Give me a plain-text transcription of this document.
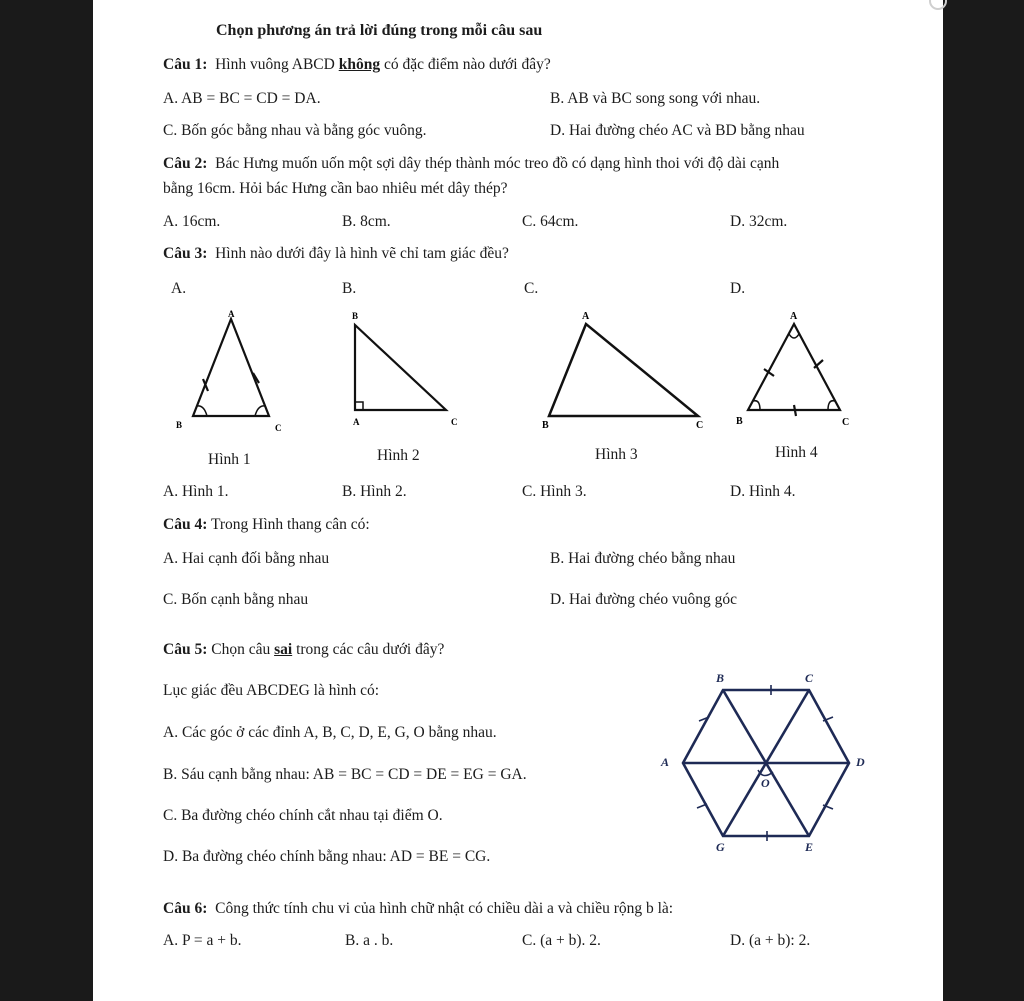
Chọn phương án trả lời đúng trong mỗi câu sau
Câu 1: Hình vuông ABCD không có đặc điểm nào dưới đây?
A. AB = BC = CD = DA.	B. AB và BC song song với nhau.
C. Bốn góc bằng nhau và bằng góc vuông.	D. Hai đường chéo AC và BD bằng nhau
Câu 2: Bác Hưng muốn uốn một sợi dây thép thành móc treo đồ có dạng hình thoi với độ dài cạnh
bằng 16cm. Hỏi bác Hưng cần bao nhiêu mét dây thép?
A. 16cm.	B. 8cm.	C. 64cm.	D. 32cm.
Câu 3: Hình nào dưới đây là hình vẽ chỉ tam giác đều?
A.	B.	C.	D.
A
B	C
B
A	C
A
B	C
A
B	C
Hình 1	Hình 2	Hình 3	Hình 4
A. Hình 1.	B. Hình 2.	C. Hình 3.	D. Hình 4.
Câu 4: Trong Hình thang cân có:
A. Hai cạnh đối bằng nhau	B. Hai đường chéo bằng nhau
C. Bốn cạnh bằng nhau	D. Hai đường chéo vuông góc
Câu 5: Chọn câu sai trong các câu dưới đây?
Lục giác đều ABCDEG là hình có:
A. Các góc ở các đỉnh A, B, C, D, E, G, O bằng nhau.
B. Sáu cạnh bằng nhau: AB = BC = CD = DE = EG = GA.
C. Ba đường chéo chính cắt nhau tại điểm O.
D. Ba đường chéo chính bằng nhau: AD = BE = CG.
B	C
A	D
O
G	E
Câu 6: Công thức tính chu vi của hình chữ nhật có chiều dài a và chiều rộng b là:
A. P = a + b.	B. a . b.	C. (a + b). 2.	D. (a + b): 2.
